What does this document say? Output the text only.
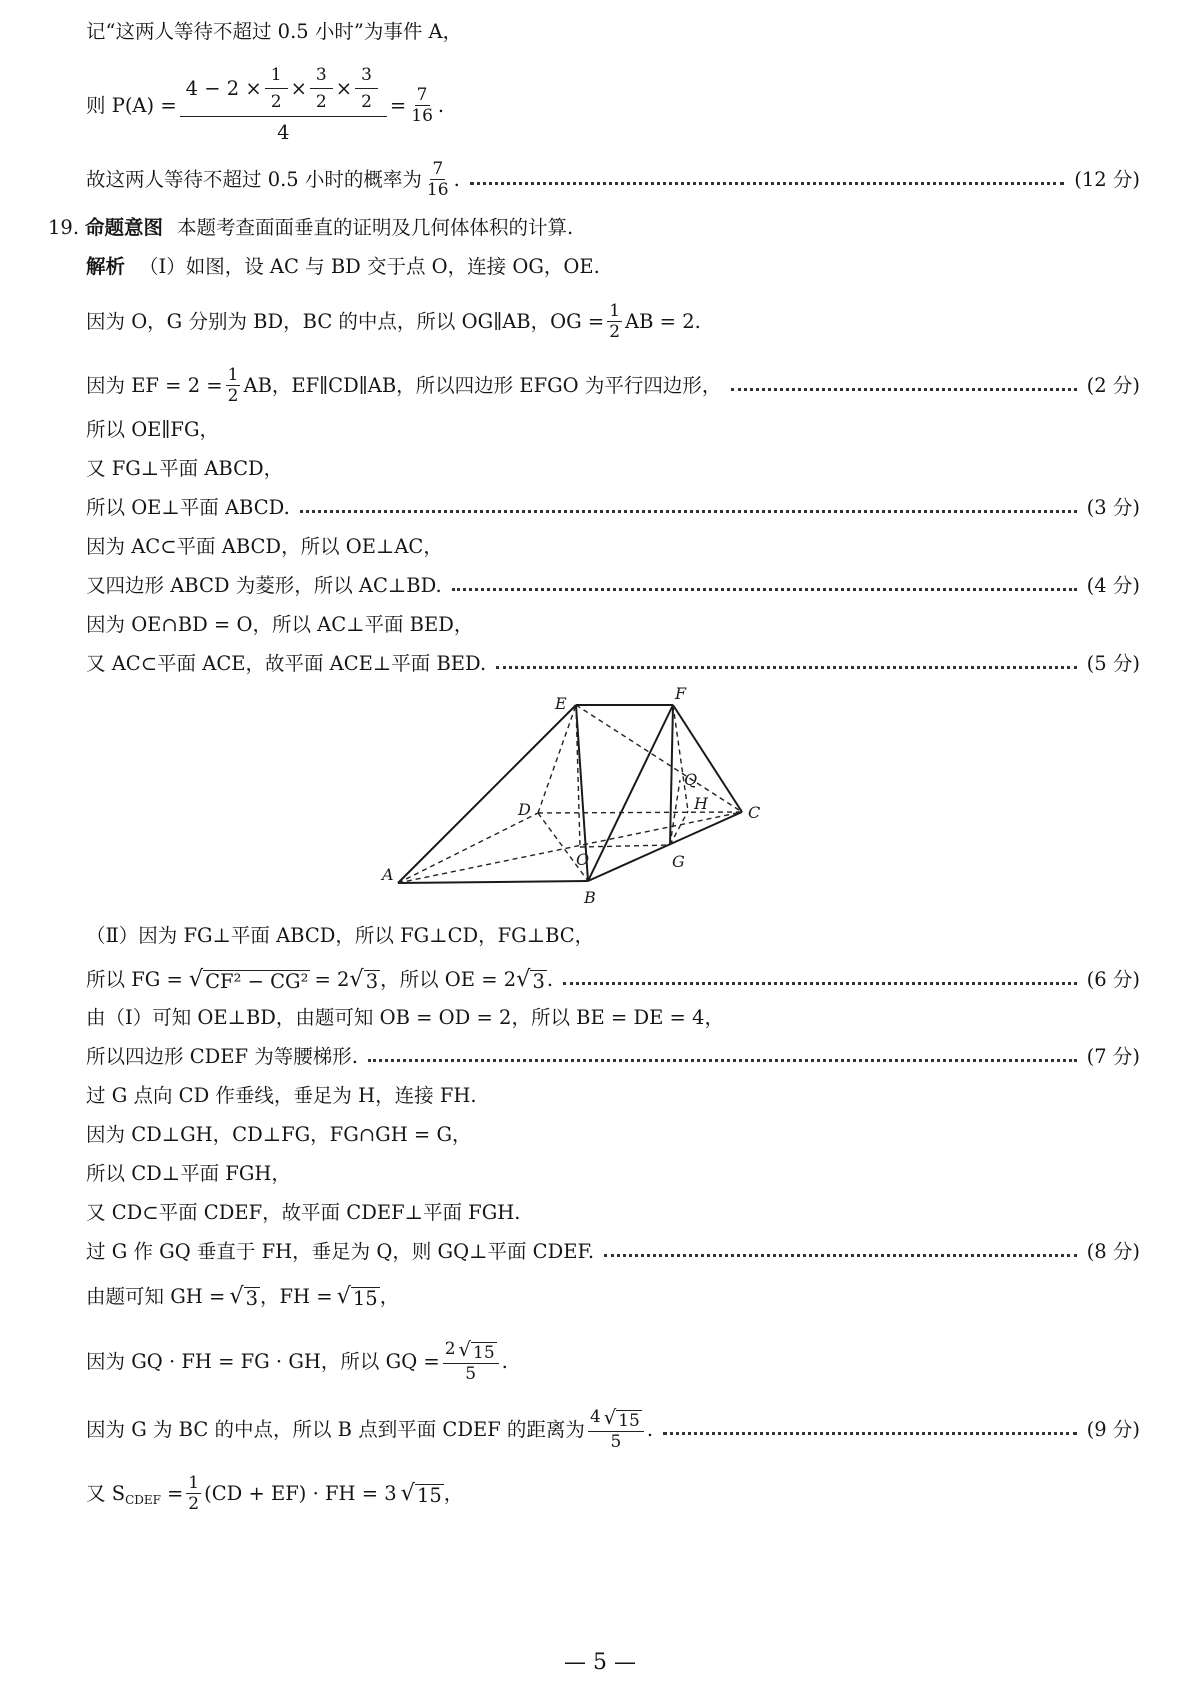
记“这两人等待不超过 0.5 小时”为事件 A，
则 $P(A) = \frac{4 - 2 \times \frac{1}{2} \times \frac{3}{2} \times \frac{3}{2}}{4} = \frac{7}{16}$ .
故这两人等待不超过 0.5 小时的概率为 $\frac{7}{16}$ .	(12 分)
19. 命题意图 本题考查面面垂直的证明及几何体体积的计算.
解析 （Ⅰ）如图，设 AC 与 BD 交于点 O，连接 OG，OE.
因为 O，G 分别为 BD，BC 的中点，所以 OG∥AB，OG = $\frac{1}{2}$ AB = 2.
因为 EF = $2 = \frac{1}{2}$ AB，EF∥CD∥AB，所以四边形 EFGO 为平行四边形，	(2 分)
所以 OE∥FG，
又 FG⊥平面 ABCD，
所以 OE⊥平面 ABCD.	(3 分)
因为 AC⊂平面 ABCD，所以 OE⊥AC，
又四边形 ABCD 为菱形，所以 AC⊥BD.	(4 分)
因为 OE∩BD = O，所以 AC⊥平面 BED，
又 AC⊂平面 ACE，故平面 ACE⊥平面 BED.	(5 分)
E
F
Q
H	C
D
O	G
A
B
（Ⅱ）因为 FG⊥平面 ABCD，所以 FG⊥CD，FG⊥BC，
所以 FG = √ CF² − CG² = 2 √ 3 ，所以 OE = 2 √ 3 .	(6 分)
由（Ⅰ）可知 OE⊥BD，由题可知 OB = OD = 2，所以 BE = DE = 4，
所以四边形 CDEF 为等腰梯形.	(7 分)
过 G 点向 CD 作垂线，垂足为 H，连接 FH.
因为 CD⊥GH，CD⊥FG，FG∩GH = G，
所以 CD⊥平面 FGH，
又 CD⊂平面 CDEF，故平面 CDEF⊥平面 FGH.
过 G 作 GQ 垂直于 FH，垂足为 Q，则 GQ⊥平面 CDEF.	(8 分)
由题可知 GH = √ 3 ，FH = √ 15 ，
因为 GQ · FH = FG · GH，所以 GQ = $\frac{2 √ 15}{5}$ .
因为 G 为 BC 的中点，所以 B 点到平面 CDEF 的距离为 $\frac{4 √ 15}{5}$ .	(9 分)
又 $S_{CDEF} = \frac{1}{2} (CD + EF)$ · FH = 3 √ 15 ，
— 5 —
